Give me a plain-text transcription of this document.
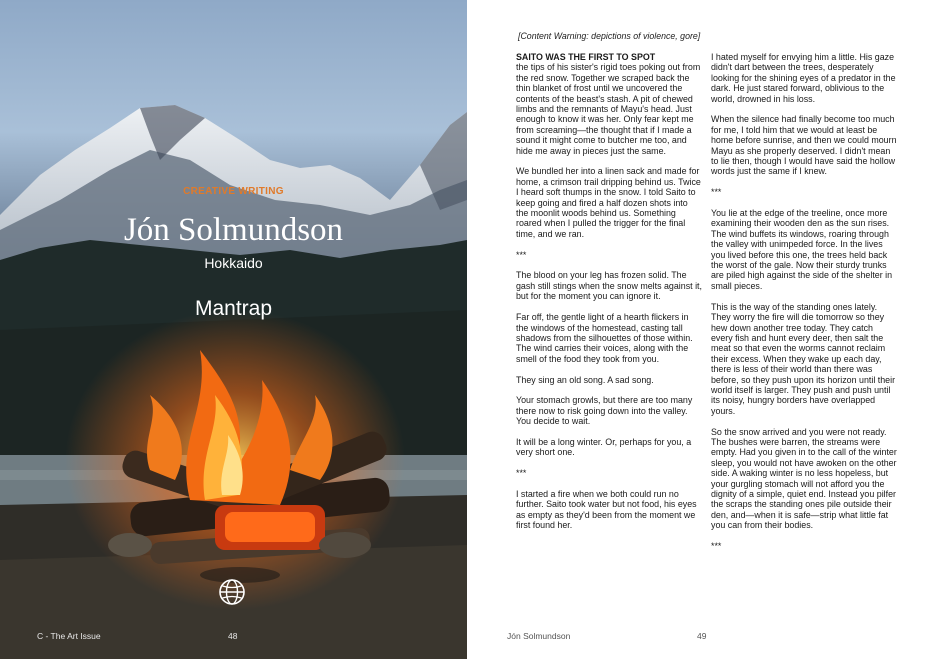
CREATIVE WRITING
Jón Solmundson
Hokkaido
Mantrap
C - The Art Issue	48
[Content Warning: depictions of violence, gore]

SAITO WAS THE FIRST TO SPOT
the tips of his sister's rigid toes poking out from the red snow. Together we scraped back the thin blanket of frost until we uncovered the contents of the beast's stash. A pit of chewed limbs and the remnants of Mayu's head. Just enough to know it was her. Only fear kept me from screaming—the thought that if I made a sound it might come to butcher me too, and hide me away in pieces just the same.

We bundled her into a linen sack and made for home, a crimson trail dripping behind us. Twice I heard soft thumps in the snow. I told Saito to keep going and fired a half dozen shots into the moonlit woods behind us. Something roared when I pulled the trigger for the final time, and we ran.

***

The blood on your leg has frozen solid. The gash still stings when the snow melts against it, but for the moment you can ignore it.

Far off, the gentle light of a hearth flickers in the windows of the homestead, casting tall shadows from the silhouettes of those within. The wind carries their voices, along with the smell of the food they took from you.

They sing an old song. A sad song.

Your stomach growls, but there are too many there now to risk going down into the valley. You decide to wait.

It will be a long winter. Or, perhaps for you, a very short one.

***

I started a fire when we both could run no further. Saito took water but not food, his eyes as empty as they'd been from the moment we first found her.

I hated myself for envying him a little. His gaze didn't dart between the trees, desperately looking for the shining eyes of a predator in the dark. He just stared forward, oblivious to the world, drowned in his loss.

When the silence had finally become too much for me, I told him that we would at least be home before sunrise, and then we could mourn Mayu as she properly deserved. I didn't mean to lie then, though I would have said the hollow words just the same if I knew.

***

You lie at the edge of the treeline, once more examining their wooden den as the sun rises. The wind buffets its windows, roaring through the valley with unimpeded force. In the lives you lived before this one, the trees held back the worst of the gale. Now their sturdy trunks are piled high against the side of the shelter in small pieces.

This is the way of the standing ones lately. They worry the fire will die tomorrow so they hew down another tree today. They catch every fish and hunt every deer, then salt the meat so that even the worms cannot reclaim their excess. When they wake up each day, there is less of their world than there was before, so they push upon its horizon until their world itself is larger. They push and push until its noisy, hungry borders have overlapped yours.

So the snow arrived and you were not ready. The bushes were barren, the streams were empty. Had you given in to the call of the winter sleep, you would not have awoken on the other side. A waking winter is no less hopeless, but your gurgling stomach will not afford you the dignity of a simple, quiet end. Instead you pilfer the scraps the standing ones pile outside their den, and—when it is safe—strip what little fat you can from their bodies.

***

Jón Solmundson	49
